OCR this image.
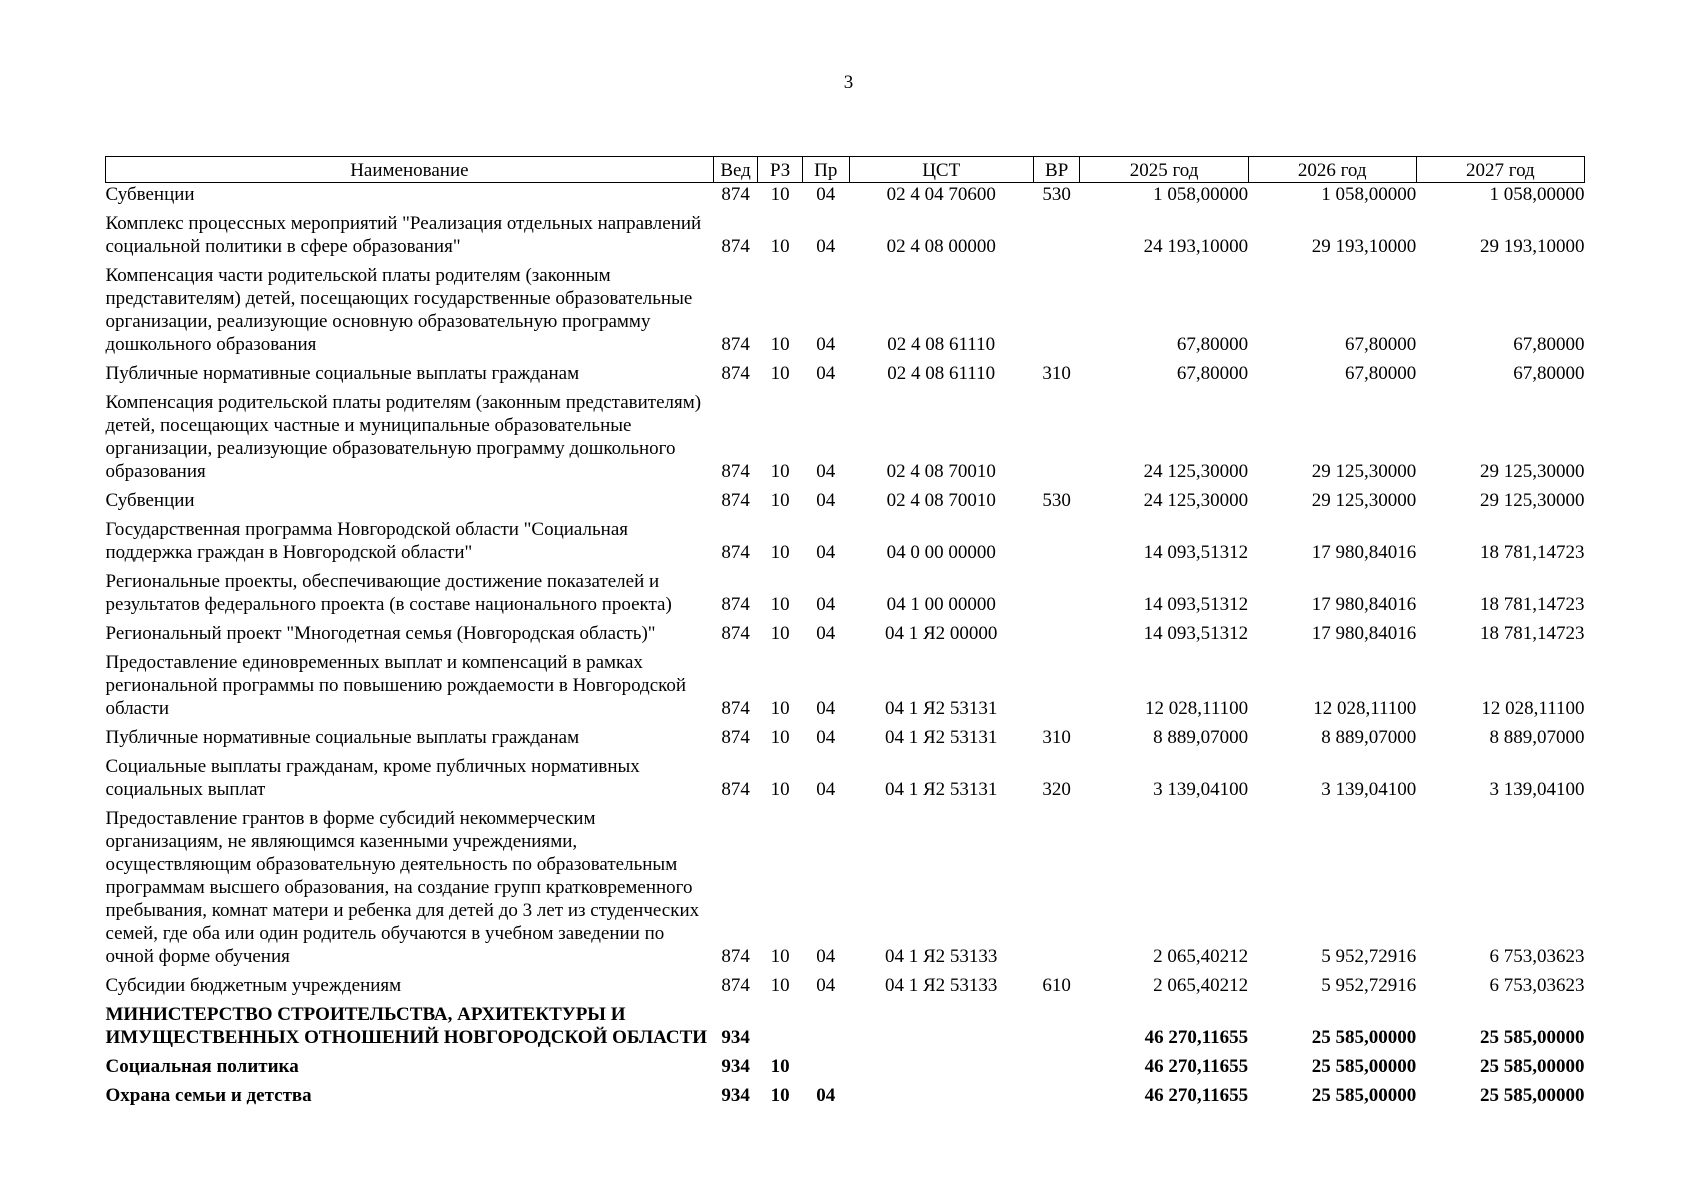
3
Наименование	Вед	РЗ	Пр	ЦСТ	ВР	2025 год	2026 год	2027 год
Субвенции	874	10	04	02 4 04 70600	530	1 058,00000	1 058,00000	1 058,00000
Комплекс процессных мероприятий "Реализация отдельных направлений социальной политики в сфере образования"	874	10	04	02 4 08 00000		24 193,10000	29 193,10000	29 193,10000
Компенсация части родительской платы родителям (законным представителям) детей, посещающих государственные образовательные организации, реализующие основную образовательную программу дошкольного образования	874	10	04	02 4 08 61110		67,80000	67,80000	67,80000
Публичные нормативные социальные выплаты гражданам	874	10	04	02 4 08 61110	310	67,80000	67,80000	67,80000
Компенсация родительской платы родителям (законным представителям) детей, посещающих частные и муниципальные образовательные организации, реализующие образовательную программу дошкольного образования	874	10	04	02 4 08 70010		24 125,30000	29 125,30000	29 125,30000
Субвенции	874	10	04	02 4 08 70010	530	24 125,30000	29 125,30000	29 125,30000
Государственная программа Новгородской области "Социальная поддержка граждан в Новгородской области"	874	10	04	04 0 00 00000		14 093,51312	17 980,84016	18 781,14723
Региональные проекты, обеспечивающие достижение показателей и результатов федерального проекта (в составе национального проекта)	874	10	04	04 1 00 00000		14 093,51312	17 980,84016	18 781,14723
Региональный проект "Многодетная семья (Новгородская область)"	874	10	04	04 1 Я2 00000		14 093,51312	17 980,84016	18 781,14723
Предоставление единовременных выплат и компенсаций в рамках региональной программы по повышению рождаемости в Новгородской области	874	10	04	04 1 Я2 53131		12 028,11100	12 028,11100	12 028,11100
Публичные нормативные социальные выплаты гражданам	874	10	04	04 1 Я2 53131	310	8 889,07000	8 889,07000	8 889,07000
Социальные выплаты гражданам, кроме публичных нормативных социальных выплат	874	10	04	04 1 Я2 53131	320	3 139,04100	3 139,04100	3 139,04100
Предоставление грантов в форме субсидий некоммерческим организациям, не являющимся казенными учреждениями, осуществляющим образовательную деятельность по образовательным программам высшего образования, на создание групп кратковременного пребывания, комнат матери и ребенка для детей до 3 лет из студенческих семей, где оба или один родитель обучаются в учебном заведении по очной форме обучения	874	10	04	04 1 Я2 53133		2 065,40212	5 952,72916	6 753,03623
Субсидии бюджетным учреждениям	874	10	04	04 1 Я2 53133	610	2 065,40212	5 952,72916	6 753,03623
МИНИСТЕРСТВО СТРОИТЕЛЬСТВА, АРХИТЕКТУРЫ И ИМУЩЕСТВЕННЫХ ОТНОШЕНИЙ НОВГОРОДСКОЙ ОБЛАСТИ	934					46 270,11655	25 585,00000	25 585,00000
Социальная политика	934	10				46 270,11655	25 585,00000	25 585,00000
Охрана семьи и детства	934	10	04			46 270,11655	25 585,00000	25 585,00000
